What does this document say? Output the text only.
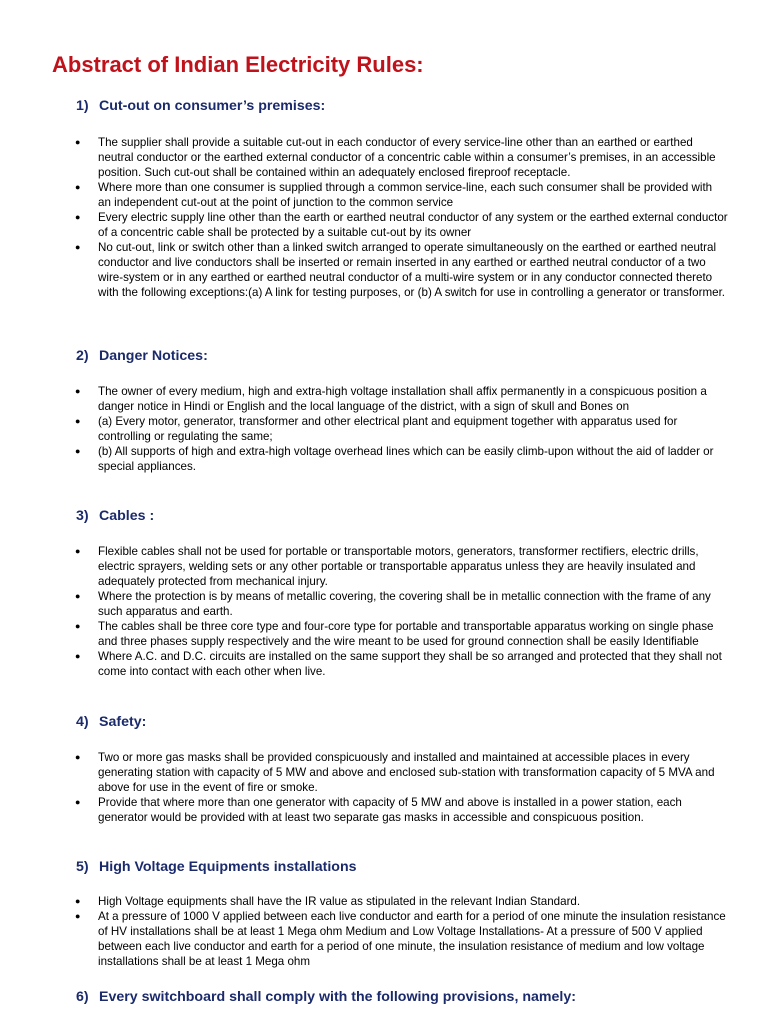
Abstract of Indian Electricity Rules:
1) Cut-out on consumer’s premises:
● The supplier shall provide a suitable cut-out in each conductor of every service-line other than an earthed or earthed neutral conductor or the earthed external conductor of a concentric cable within a consumer’s premises, in an accessible position. Such cut-out shall be contained within an adequately enclosed fireproof receptacle.
● Where more than one consumer is supplied through a common service-line, each such consumer shall be provided with an independent cut-out at the point of junction to the common service
● Every electric supply line other than the earth or earthed neutral conductor of any system or the earthed external conductor of a concentric cable shall be protected by a suitable cut-out by its owner
● No cut-out, link or switch other than a linked switch arranged to operate simultaneously on the earthed or earthed neutral conductor and live conductors shall be inserted or remain inserted in any earthed or earthed neutral conductor of a two wire-system or in any earthed or earthed neutral conductor of a multi-wire system or in any conductor connected thereto with the following exceptions:(a) A link for testing purposes, or (b) A switch for use in controlling a generator or transformer.
2) Danger Notices:
● The owner of every medium, high and extra-high voltage installation shall affix permanently in a conspicuous position a danger notice in Hindi or English and the local language of the district, with a sign of skull and Bones on
● (a) Every motor, generator, transformer and other electrical plant and equipment together with apparatus used for controlling or regulating the same;
● (b) All supports of high and extra-high voltage overhead lines which can be easily climb-upon without the aid of ladder or special appliances.
3) Cables :
● Flexible cables shall not be used for portable or transportable motors, generators, transformer rectifiers, electric drills, electric sprayers, welding sets or any other portable or transportable apparatus unless they are heavily insulated and adequately protected from mechanical injury.
● Where the protection is by means of metallic covering, the covering shall be in metallic connection with the frame of any such apparatus and earth.
● The cables shall be three core type and four-core type for portable and transportable apparatus working on single phase and three phases supply respectively and the wire meant to be used for ground connection shall be easily Identifiable
● Where A.C. and D.C. circuits are installed on the same support they shall be so arranged and protected that they shall not come into contact with each other when live.
4) Safety:
● Two or more gas masks shall be provided conspicuously and installed and maintained at accessible places in every generating station with capacity of 5 MW and above and enclosed sub-station with transformation capacity of 5 MVA and above for use in the event of fire or smoke.
● Provide that where more than one generator with capacity of 5 MW and above is installed in a power station, each generator would be provided with at least two separate gas masks in accessible and conspicuous position.
5) High Voltage Equipments installations
● High Voltage equipments shall have the IR value as stipulated in the relevant Indian Standard.
● At a pressure of 1000 V applied between each live conductor and earth for a period of one minute the insulation resistance of HV installations shall be at least 1 Mega ohm Medium and Low Voltage Installations- At a pressure of 500 V applied between each live conductor and earth for a period of one minute, the insulation resistance of medium and low voltage installations shall be at least 1 Mega ohm
6) Every switchboard shall comply with the following provisions, namely:
